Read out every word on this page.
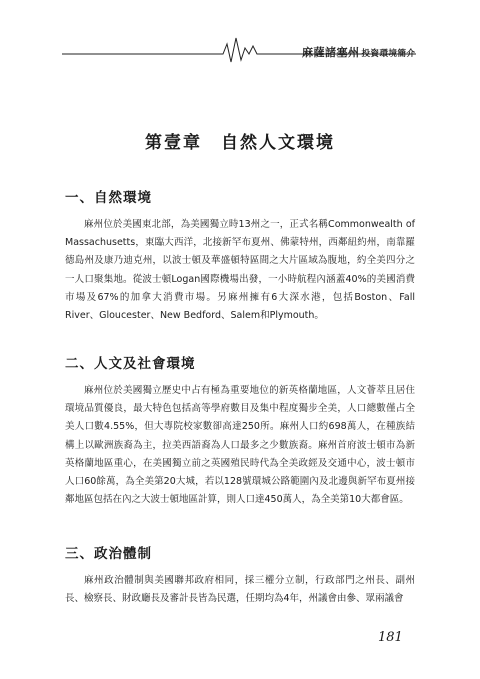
麻薩諸塞州 投資環境簡介
第壹章　自然人文環境
一、自然環境

麻州位於美國東北部，為美國獨立時13州之一，正式名稱Commonwealth of Massachusetts，東臨大西洋，北接新罕布夏州、佛蒙特州，西鄰紐約州，南靠羅德島州及康乃迪克州，以波士頓及華盛頓特區間之大片區域為腹地，約全美四分之一人口聚集地。從波士頓Logan國際機場出發，一小時航程內涵蓋40%的美國消費市場及67%的加拿大消費市場。另麻州擁有6大深水港，包括Boston、Fall River、Gloucester、New Bedford、Salem和Plymouth。

二、人文及社會環境

麻州位於美國獨立歷史中占有極為重要地位的新英格蘭地區，人文薈萃且居住環境品質優良，最大特色包括高等學府數目及集中程度獨步全美，人口總數僅占全美人口數4.55%，但大專院校家數卻高達250所。麻州人口約698萬人，在種族結構上以歐洲族裔為主，拉美西語裔為人口最多之少數族裔。麻州首府波士頓市為新英格蘭地區重心，在美國獨立前之英國殖民時代為全美政經及交通中心，波士頓市人口60餘萬，為全美第20大城，若以128號環城公路範圍內及北邊與新罕布夏州接鄰地區包括在內之大波士頓地區計算，則人口達450萬人，為全美第10大都會區。

三、政治體制

麻州政治體制與美國聯邦政府相同，採三權分立制，行政部門之州長、副州長、檢察長、財政廳長及審計長皆為民選，任期均為4年，州議會由參、眾兩議會

181
